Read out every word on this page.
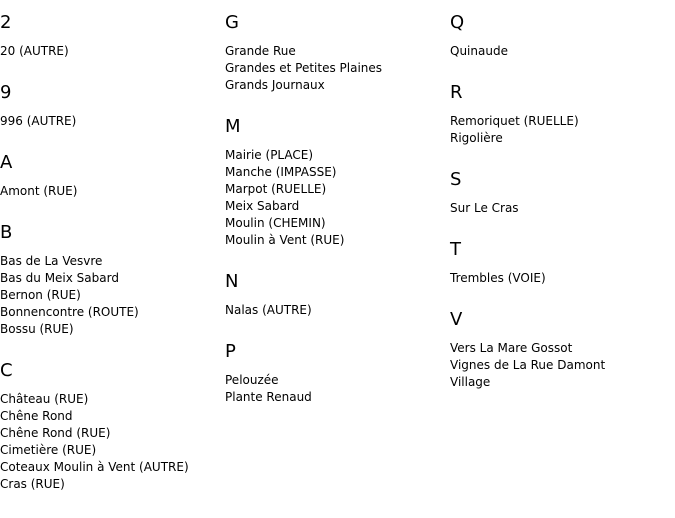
2
20 (AUTRE)
9
996 (AUTRE)
A
Amont (RUE)
B
Bas de La Vesvre
Bas du Meix Sabard
Bernon (RUE)
Bonnencontre (ROUTE)
Bossu (RUE)
C
Château (RUE)
Chêne Rond
Chêne Rond (RUE)
Cimetière (RUE)
Coteaux Moulin à Vent (AUTRE)
Cras (RUE)
G
Grande Rue
Grandes et Petites Plaines
Grands Journaux
M
Mairie (PLACE)
Manche (IMPASSE)
Marpot (RUELLE)
Meix Sabard
Moulin (CHEMIN)
Moulin à Vent (RUE)
N
Nalas (AUTRE)
P
Pelouzée
Plante Renaud
Q
Quinaude
R
Remoriquet (RUELLE)
Rigolière
S
Sur Le Cras
T
Trembles (VOIE)
V
Vers La Mare Gossot
Vignes de La Rue Damont
Village
